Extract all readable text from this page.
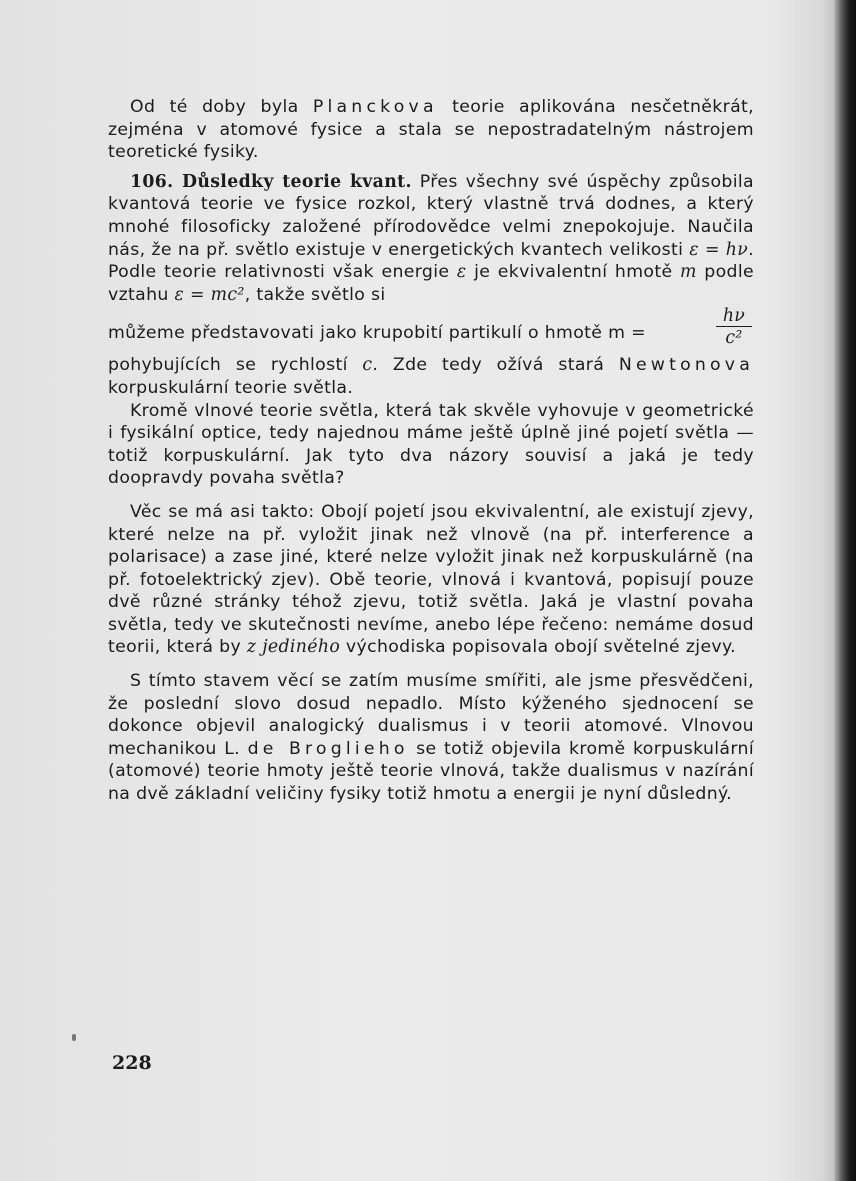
Od té doby byla Planckova teorie aplikována nesčetněkrát, zejména v atomové fysice a stala se nepostradatelným nástrojem teoretické fysiky.

106. Důsledky teorie kvant. Přes všechny své úspěchy způsobila kvantová teorie ve fysice rozkol, který vlastně trvá dodnes, a který mnohé filosoficky založené přírodovědce velmi znepokojuje. Naučila nás, že na př. světlo existuje v energetických kvantech velikosti ε = hν. Podle teorie relativnosti však energie ε je ekvivalentní hmotě m podle vztahu ε = mc², takže světlo si

můžeme představovati jako krupobití partikulí o hmotě m =	$\frac{h\nu}{\text{c²}}$

pohybujících se rychlostí c. Zde tedy ožívá stará Newtonova korpuskulární teorie světla.

Kromě vlnové teorie světla, která tak skvěle vyhovuje v geometrické i fysikální optice, tedy najednou máme ještě úplně jiné pojetí světla — totiž korpuskulární. Jak tyto dva názory souvisí a jaká je tedy doopravdy povaha světla?

Věc se má asi takto: Obojí pojetí jsou ekvivalentní, ale existují zjevy, které nelze na př. vyložit jinak než vlnově (na př. interference a polarisace) a zase jiné, které nelze vyložit jinak než korpuskulárně (na př. fotoelektrický zjev). Obě teorie, vlnová i kvantová, popisují pouze dvě různé stránky téhož zjevu, totiž světla. Jaká je vlastní povaha světla, tedy ve skutečnosti nevíme, anebo lépe řečeno: nemáme dosud teorii, která by z jediného východiska popisovala obojí světelné zjevy.

S tímto stavem věcí se zatím musíme smířiti, ale jsme přesvědčeni, že poslední slovo dosud nepadlo. Místo kýženého sjednocení se dokonce objevil analogický dualismus i v teorii atomové. Vlnovou mechanikou L. de Broglieho se totiž objevila kromě korpuskulární (atomové) teorie hmoty ještě teorie vlnová, takže dualismus v nazírání na dvě základní veličiny fysiky totiž hmotu a energii je nyní důsledný.

228
